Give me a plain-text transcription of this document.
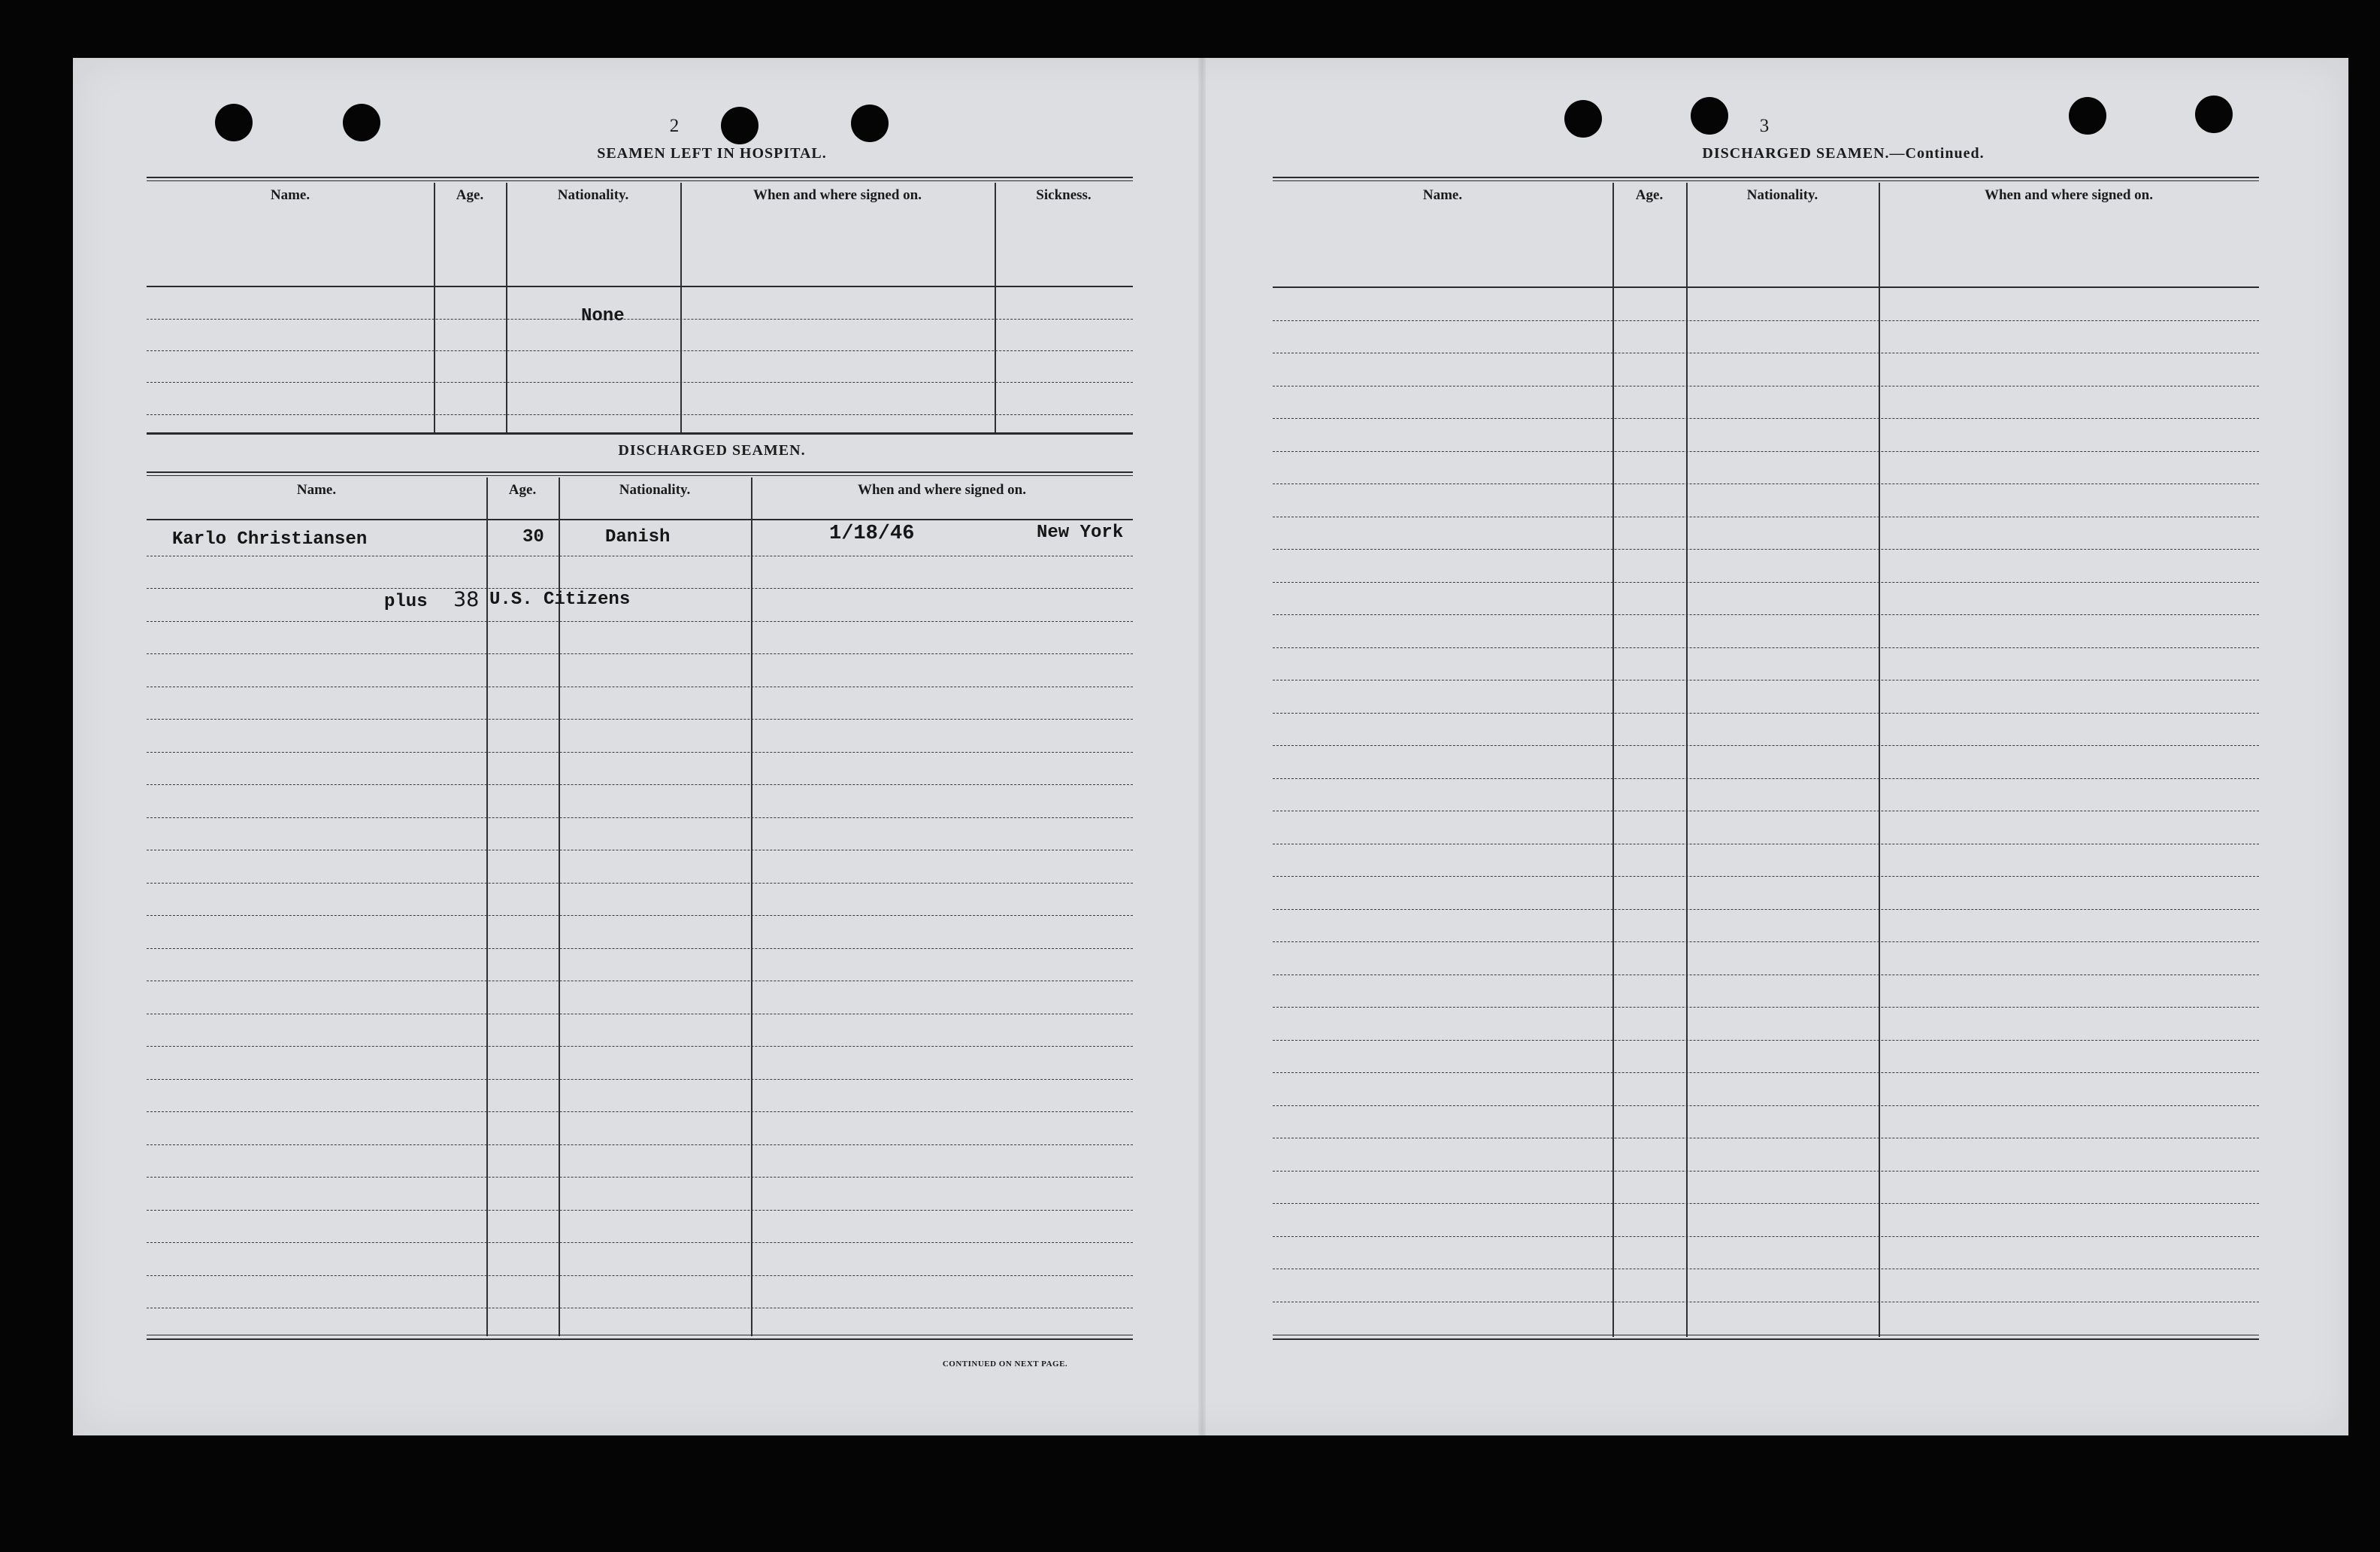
2
SEAMEN LEFT IN HOSPITAL.
Name.	Age.	Nationality.	When and where signed on.	Sickness.
None
DISCHARGED SEAMEN.
Name.	Age.	Nationality.	When and where signed on.
Karlo Christiansen	30	Danish	1/18/46	New York
plus 38 U.S. Citizens
CONTINUED ON NEXT PAGE.
3
DISCHARGED SEAMEN.—Continued.
Name.	Age.	Nationality.	When and where signed on.
